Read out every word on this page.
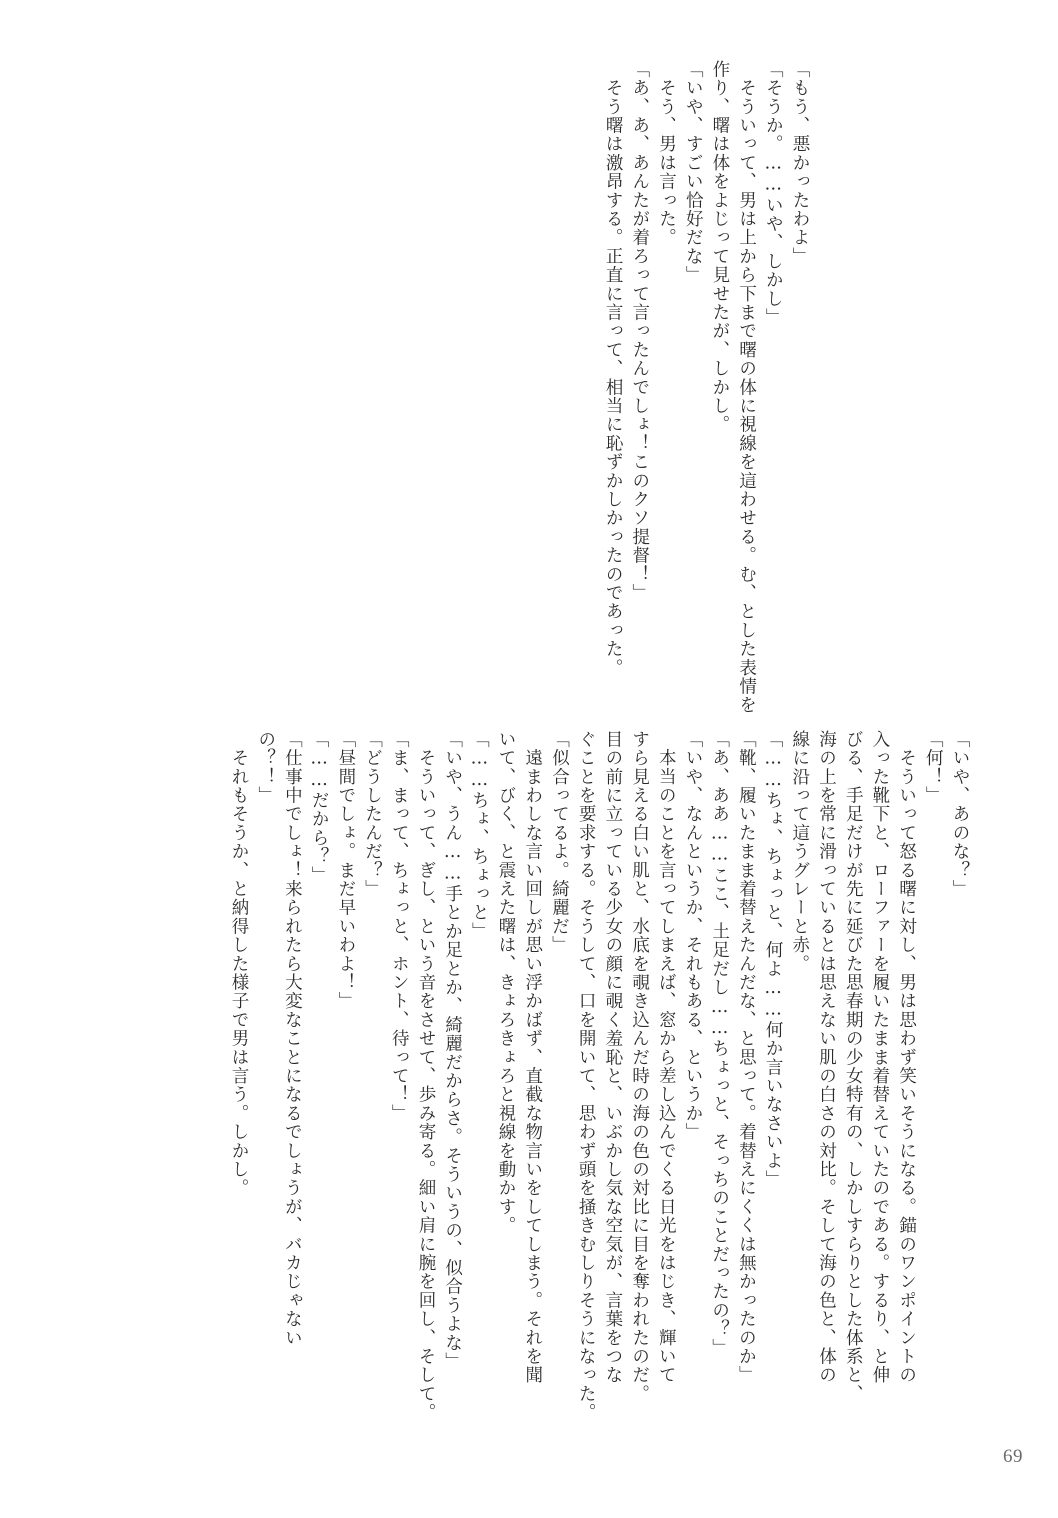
「もう、悪かったわよ」

「そうか。……いや、しかし」

　そういって、男は上から下まで曙の体に視線を這わせる。む、とした表情を

作り、曙は体をよじって見せたが、しかし。

「いや、すごい恰好だな」

　そう、男は言った。

「あ、あ、あんたが着ろって言ったんでしょ！このクソ提督！」

　そう曙は激昂する。正直に言って、相当に恥ずかしかったのであった。

「いや、あのな？」

「何！」

　そういって怒る曙に対し、男は思わず笑いそうになる。錨のワンポイントの

入った靴下と、ローファーを履いたまま着替えていたのである。するり、と伸

びる、手足だけが先に延びた思春期の少女特有の、しかしすらりとした体系と、

海の上を常に滑っているとは思えない肌の白さの対比。そして海の色と、体の

線に沿って這うグレーと赤。

「……ちょ、ちょっと、何よ……何か言いなさいよ」

「靴、履いたまま着替えたんだな、と思って。着替えにくくは無かったのか」

「あ、ああ……ここ、土足だし……ちょっと、そっちのことだったの？」

「いや、なんというか、それもある、というか」

　本当のことを言ってしまえば、窓から差し込んでくる日光をはじき、輝いて

すら見える白い肌と、水底を覗き込んだ時の海の色の対比に目を奪われたのだ。

目の前に立っている少女の顔に覗く羞恥と、いぶかし気な空気が、言葉をつな

ぐことを要求する。そうして、口を開いて、思わず頭を掻きむしりそうになった。

「似合ってるよ。綺麗だ」

　遠まわしな言い回しが思い浮かばず、直截な物言いをしてしまう。それを聞

いて、びく、と震えた曙は、きょろきょろと視線を動かす。

「……ちょ、ちょっと」

「いや、うん……手とか足とか、綺麗だからさ。そういうの、似合うよな」

　そういって、ぎし、という音をさせて、歩み寄る。細い肩に腕を回し、そして。

「ま、まって、ちょっと、ホント、待って！」

「どうしたんだ？」

「昼間でしょ。まだ早いわよ！」

「……だから？」

「仕事中でしょ！来られたら大変なことになるでしょうが、バカじゃない

の？！」

　それもそうか、と納得した様子で男は言う。しかし。

69
